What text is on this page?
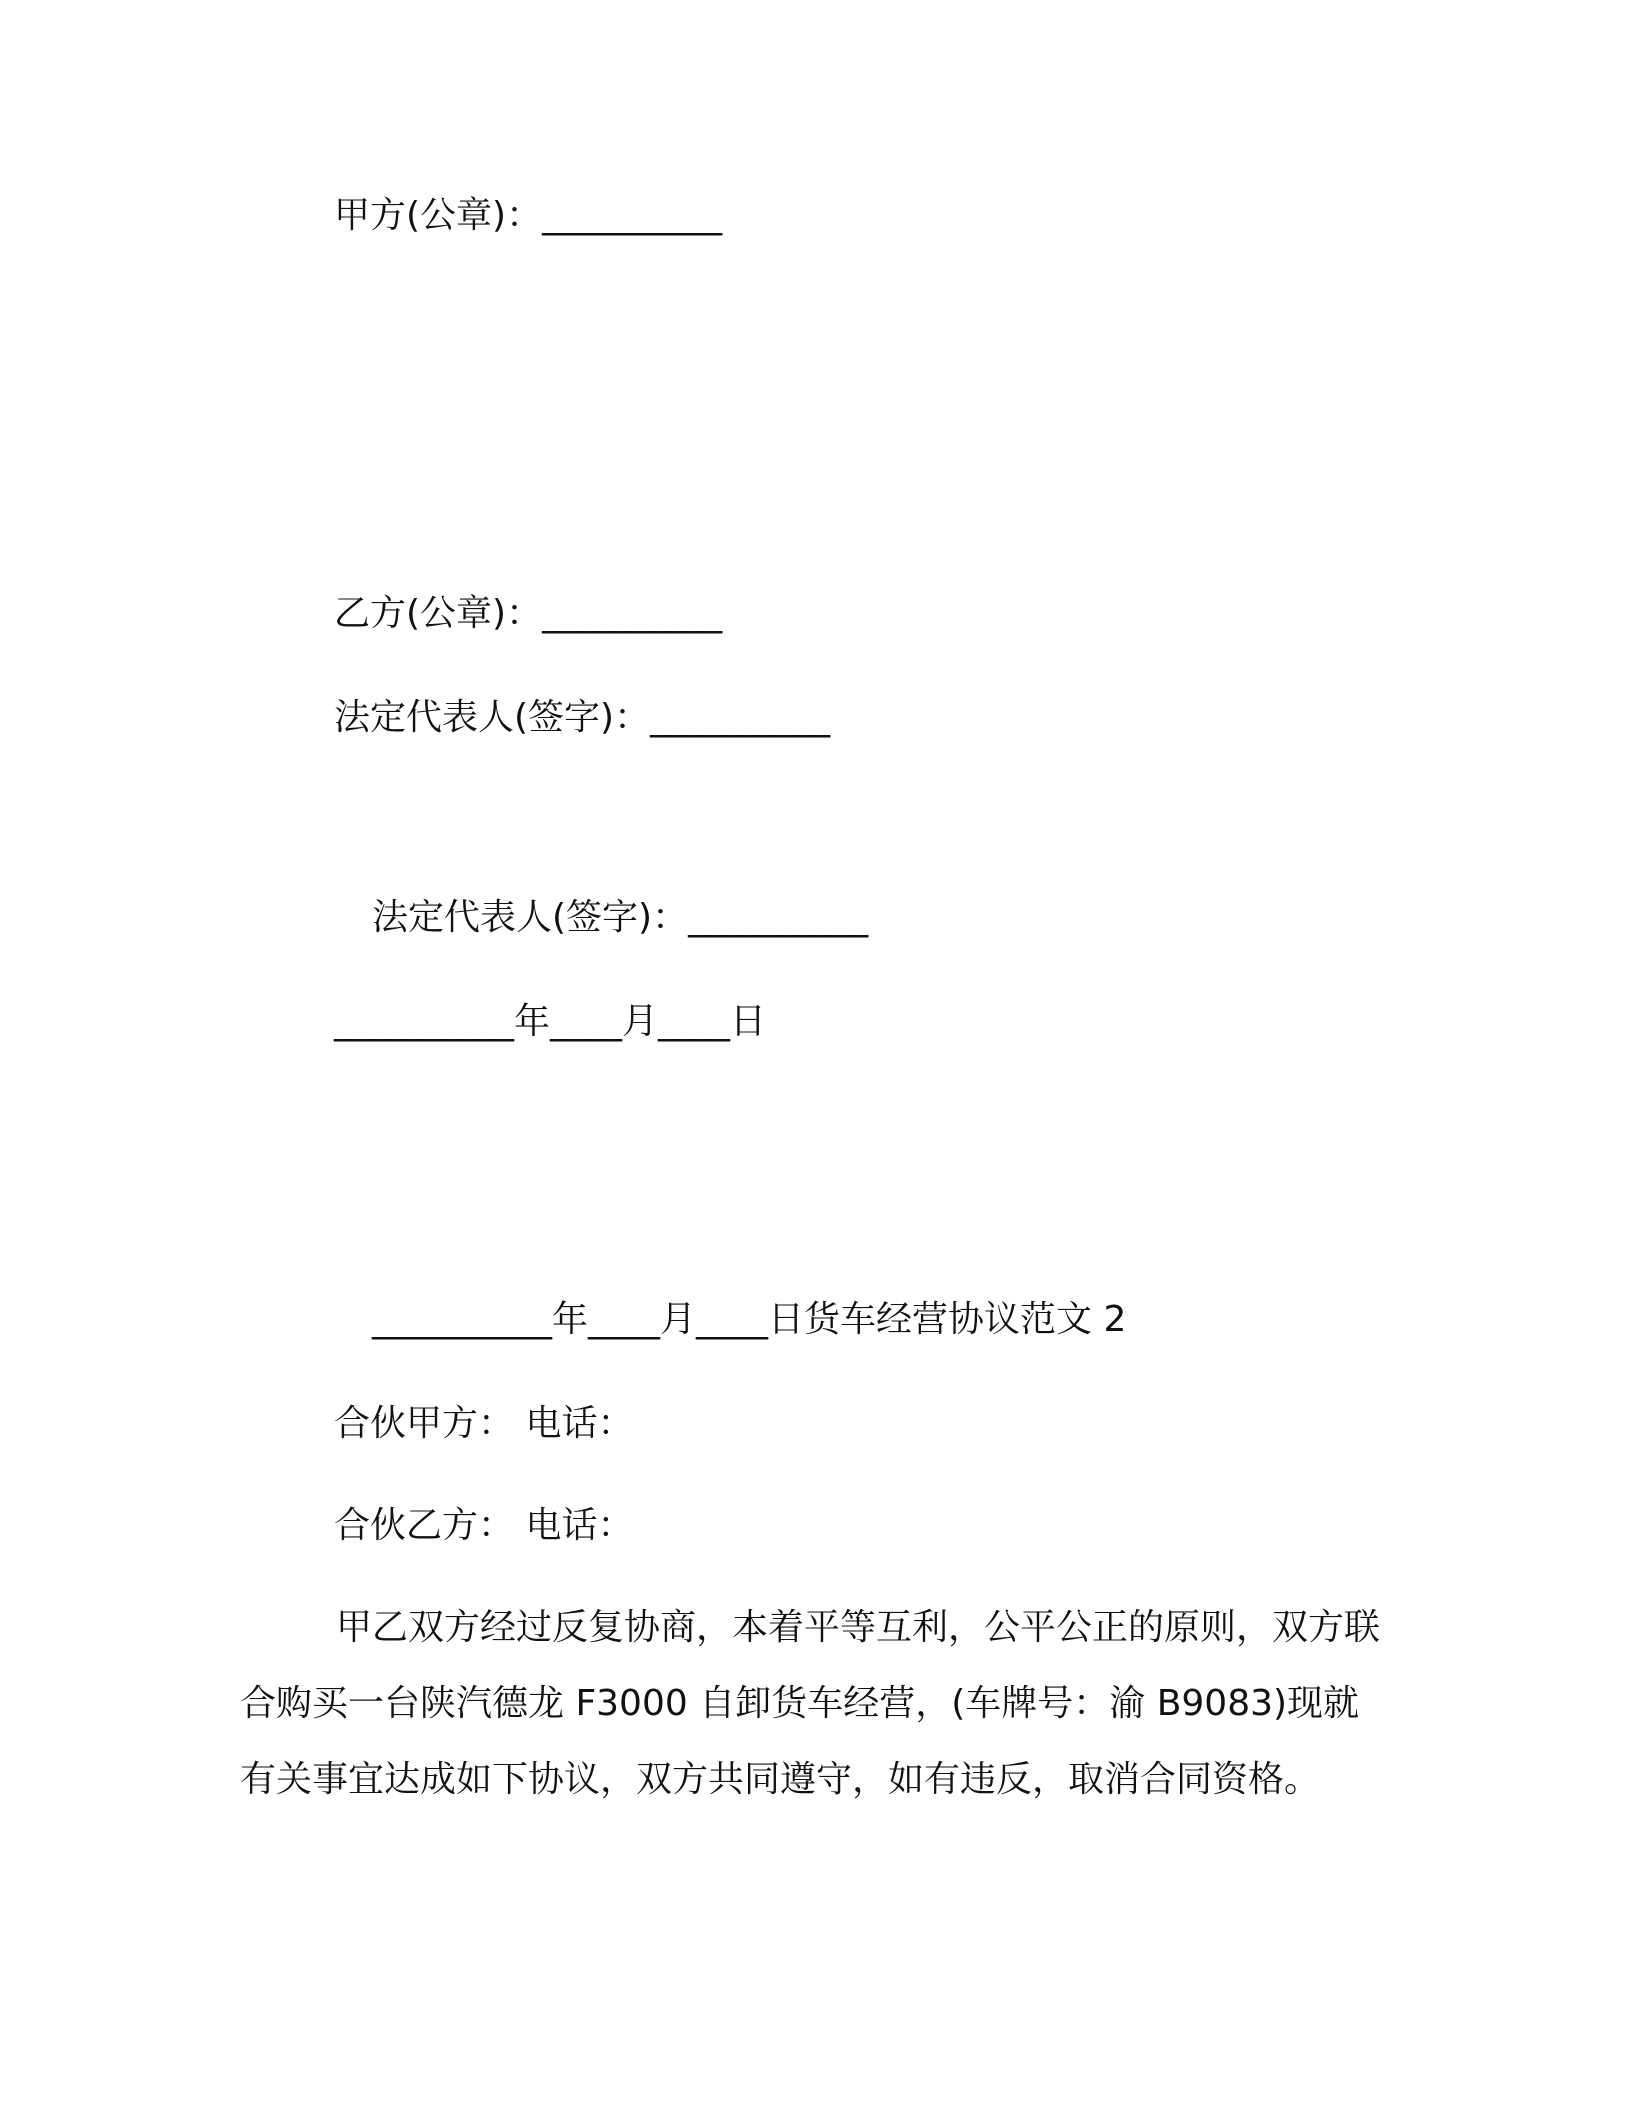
甲方(公章)：__________
乙方(公章)：__________
法定代表人(签字)：__________
法定代表人(签字)：__________
__________年____月____日
__________年____月____日货车经营协议范文 2
合伙甲方： 电话：
合伙乙方： 电话：
甲乙双方经过反复协商，本着平等互利，公平公正的原则，双方联合购买一台陕汽德龙 F3000 自卸货车经营，(车牌号：渝 B9083)现就有关事宜达成如下协议，双方共同遵守，如有违反，取消合同资格。
